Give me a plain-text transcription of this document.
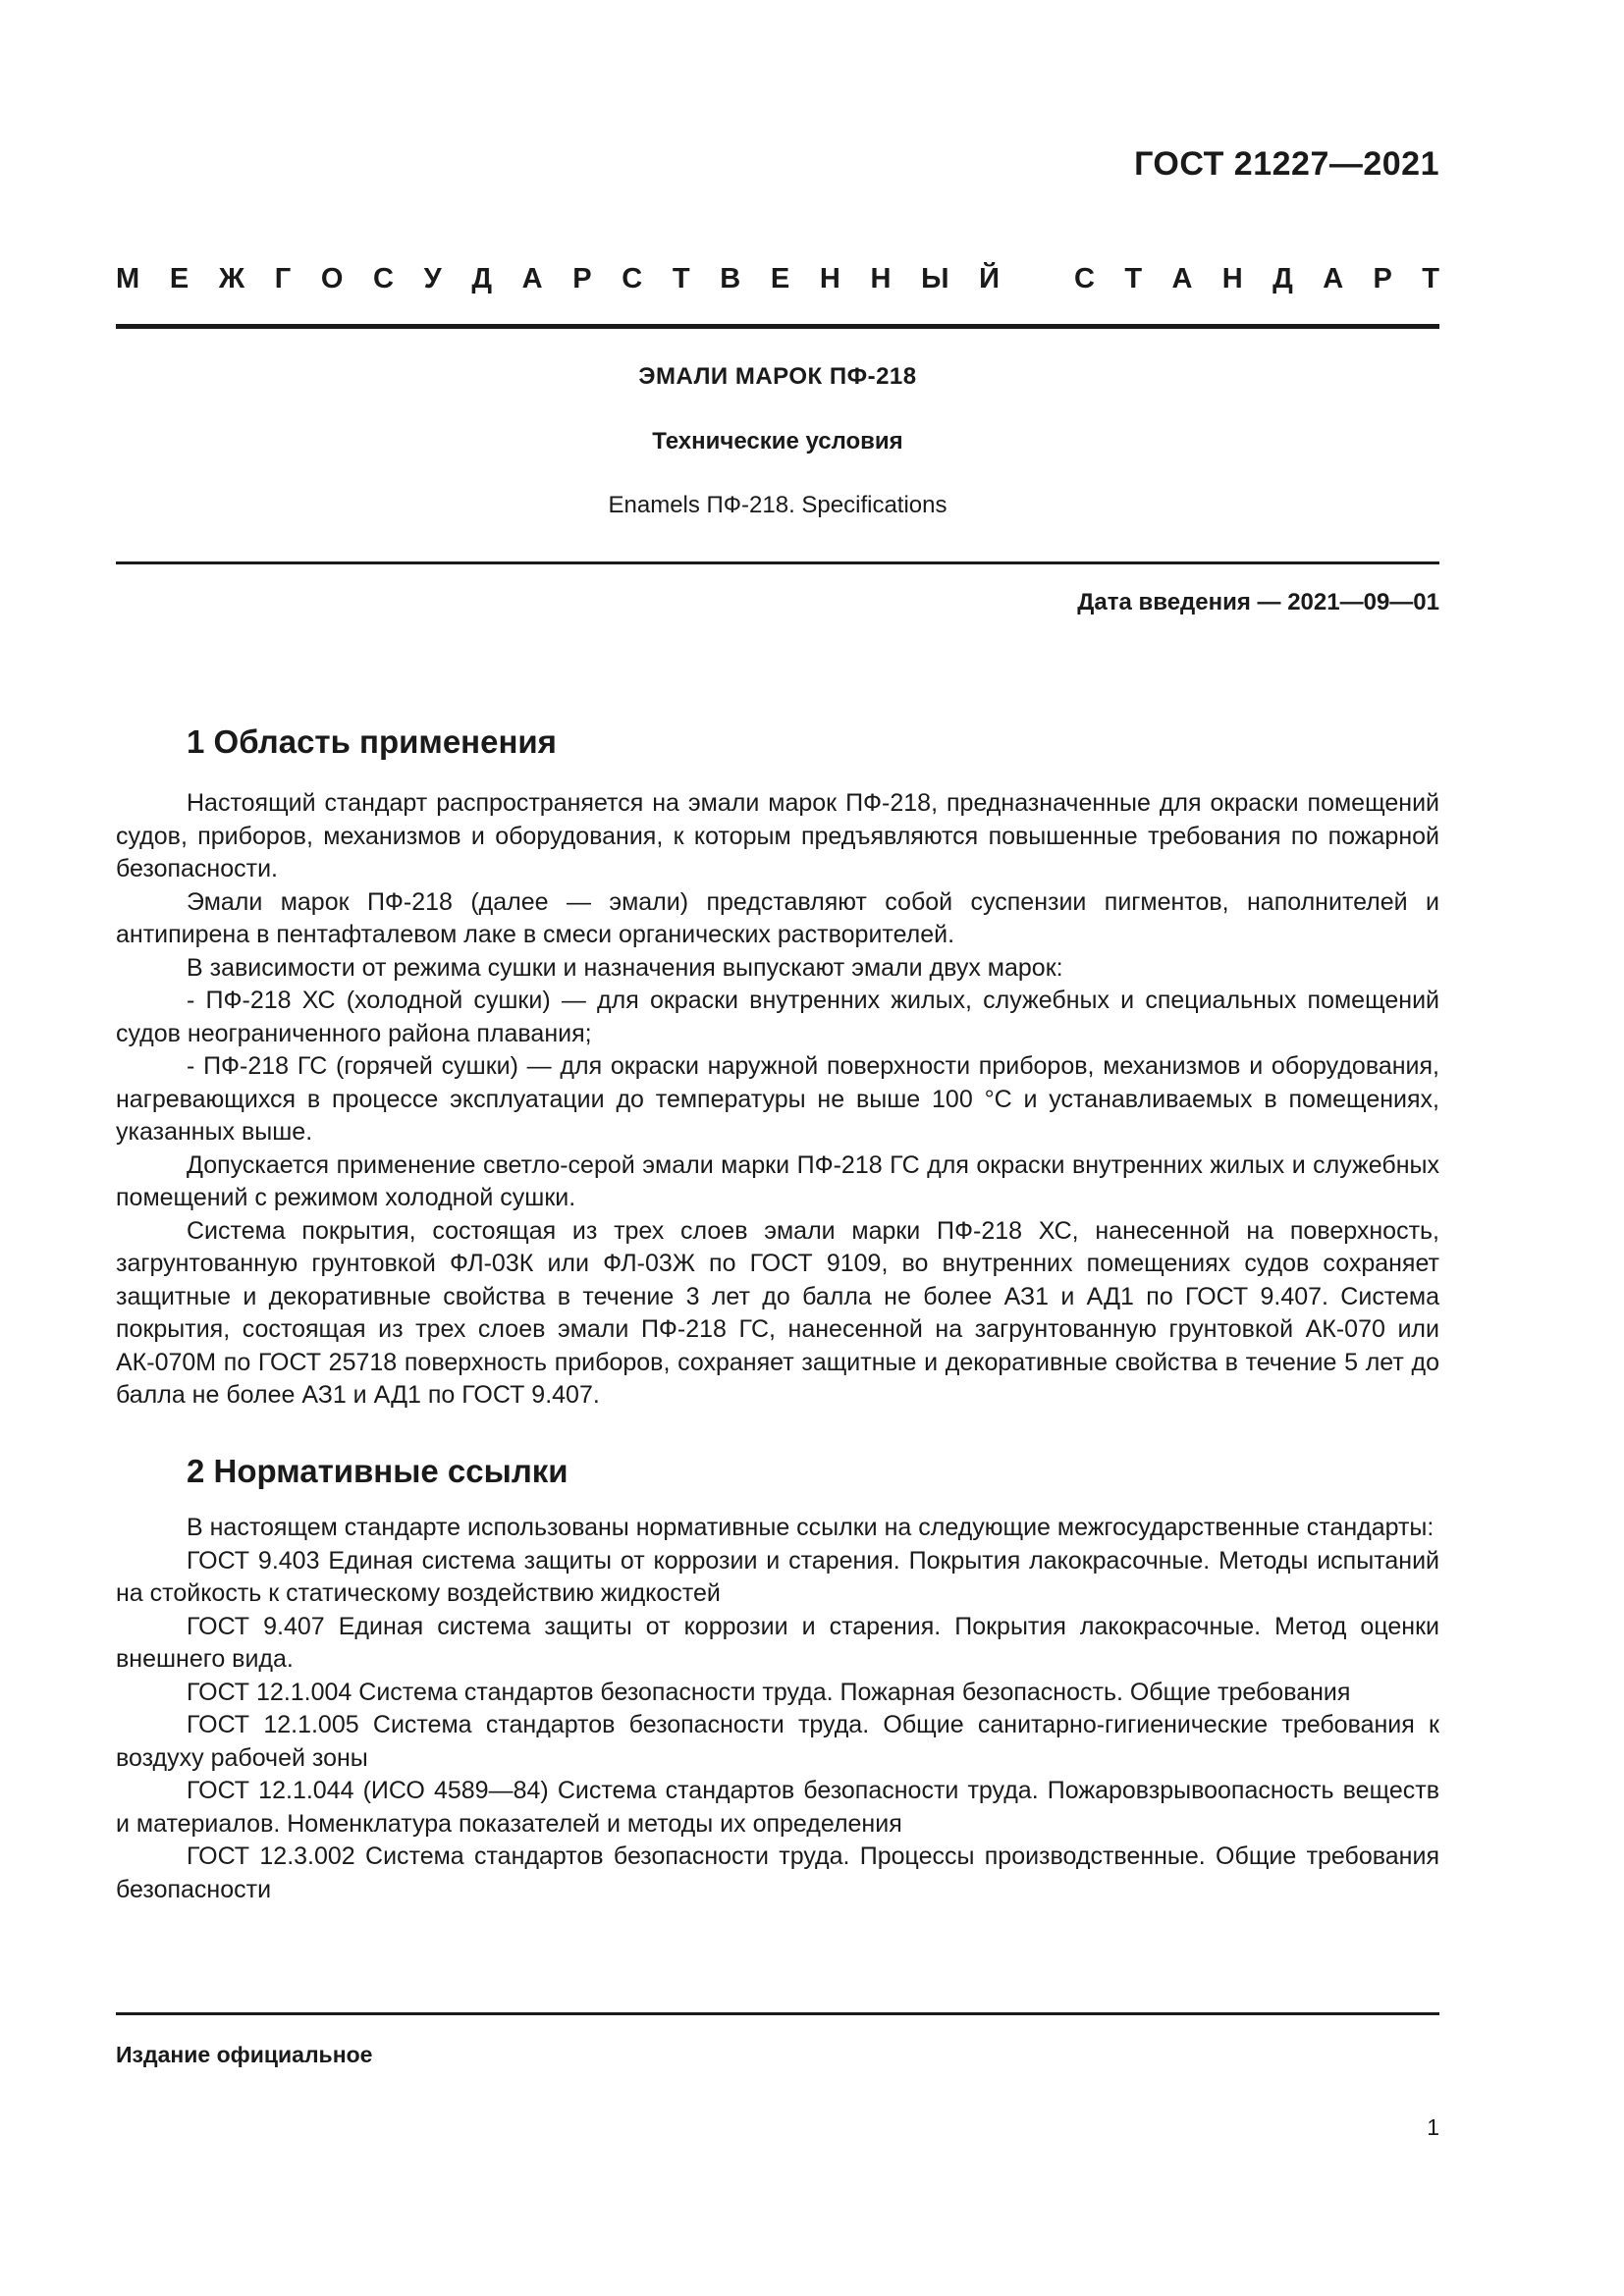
ГОСТ 21227—2021
М Е Ж Г О С У Д А Р С Т В Е Н Н Ы Й	С Т А Н Д А Р Т
ЭМАЛИ МАРОК ПФ-218
Технические условия
Enamels ПФ-218. Specifications
Дата введения — 2021—09—01
1 Область применения

Настоящий стандарт распространяется на эмали марок ПФ-218, предназначенные для окраски помещений судов, приборов, механизмов и оборудования, к которым предъявляются повышенные требования по пожарной безопасности.

Эмали марок ПФ-218 (далее — эмали) представляют собой суспензии пигментов, наполнителей и антипирена в пентафталевом лаке в смеси органических растворителей.

В зависимости от режима сушки и назначения выпускают эмали двух марок:

- ПФ-218 ХС (холодной сушки) — для окраски внутренних жилых, служебных и специальных помещений судов неограниченного района плавания;

- ПФ-218 ГС (горячей сушки) — для окраски наружной поверхности приборов, механизмов и оборудования, нагревающихся в процессе эксплуатации до температуры не выше 100 °С и устанавливаемых в помещениях, указанных выше.

Допускается применение светло-серой эмали марки ПФ-218 ГС для окраски внутренних жилых и служебных помещений с режимом холодной сушки.

Система покрытия, состоящая из трех слоев эмали марки ПФ-218 ХС, нанесенной на поверхность, загрунтованную грунтовкой ФЛ-03К или ФЛ-03Ж по ГОСТ 9109, во внутренних помещениях судов сохраняет защитные и декоративные свойства в течение 3 лет до балла не более АЗ1 и АД1 по ГОСТ 9.407. Система покрытия, состоящая из трех слоев эмали ПФ-218 ГС, нанесенной на загрунтованную грунтовкой АК-070 или АК-070М по ГОСТ 25718 поверхность приборов, сохраняет защитные и декоративные свойства в течение 5 лет до балла не более АЗ1 и АД1 по ГОСТ 9.407.

2 Нормативные ссылки

В настоящем стандарте использованы нормативные ссылки на следующие межгосударственные стандарты:

ГОСТ 9.403 Единая система защиты от коррозии и старения. Покрытия лакокрасочные. Методы испытаний на стойкость к статическому воздействию жидкостей

ГОСТ 9.407 Единая система защиты от коррозии и старения. Покрытия лакокрасочные. Метод оценки внешнего вида.

ГОСТ 12.1.004 Система стандартов безопасности труда. Пожарная безопасность. Общие требования

ГОСТ 12.1.005 Система стандартов безопасности труда. Общие санитарно-гигиенические требования к воздуху рабочей зоны

ГОСТ 12.1.044 (ИСО 4589—84) Система стандартов безопасности труда. Пожаровзрывоопасность веществ и материалов. Номенклатура показателей и методы их определения

ГОСТ 12.3.002 Система стандартов безопасности труда. Процессы производственные. Общие требования безопасности

Издание официальное
1
